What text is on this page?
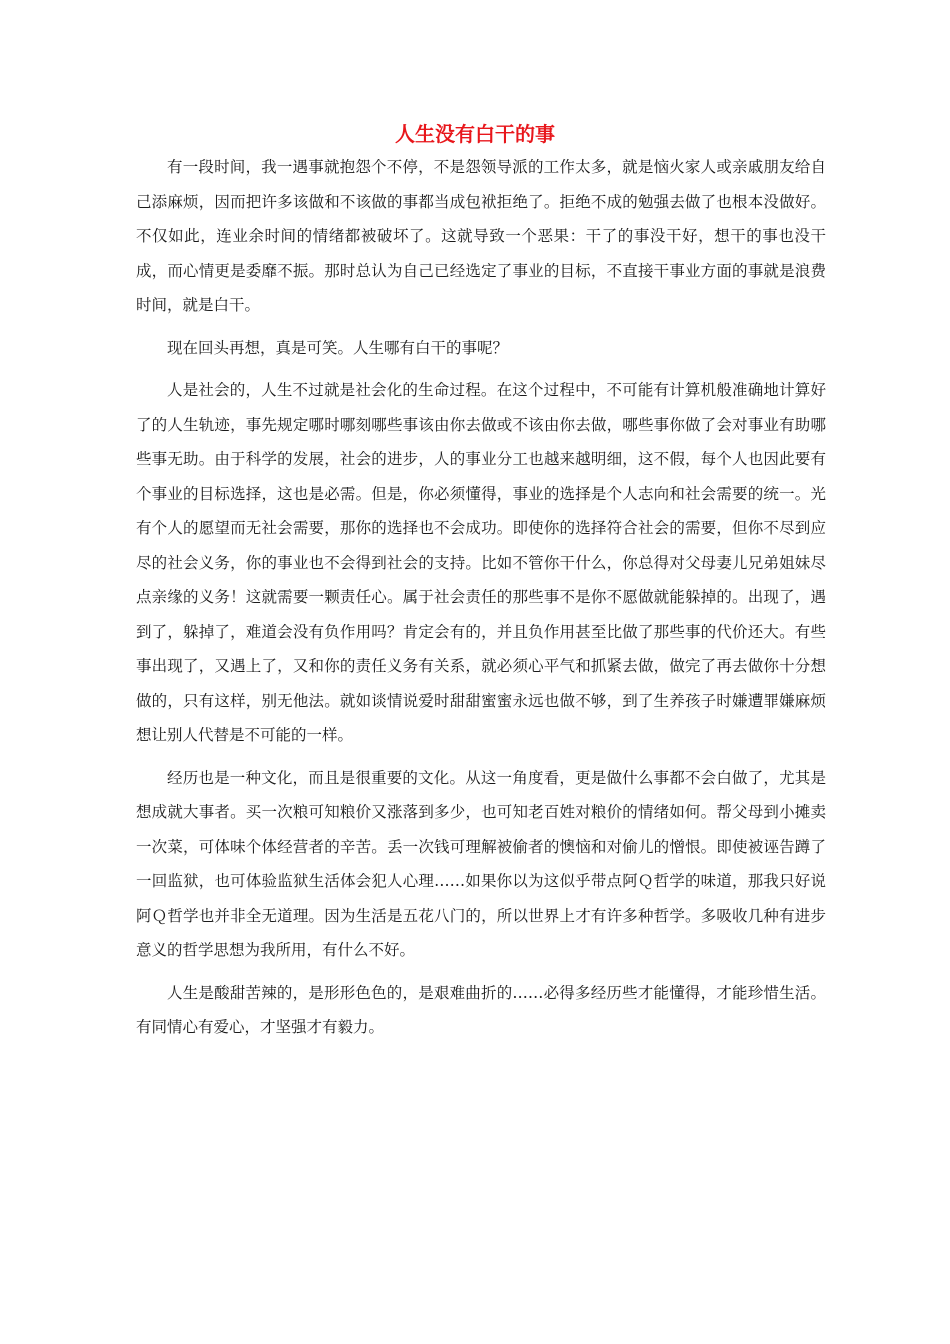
人生没有白干的事

有一段时间，我一遇事就抱怨个不停，不是怨领导派的工作太多，就是恼火家人或亲戚朋友给自己添麻烦，因而把许多该做和不该做的事都当成包袱拒绝了。拒绝不成的勉强去做了也根本没做好。不仅如此，连业余时间的情绪都被破坏了。这就导致一个恶果：干了的事没干好，想干的事也没干成，而心情更是委靡不振。那时总认为自己已经选定了事业的目标，不直接干事业方面的事就是浪费时间，就是白干。

现在回头再想，真是可笑。人生哪有白干的事呢？

人是社会的，人生不过就是社会化的生命过程。在这个过程中，不可能有计算机般准确地计算好了的人生轨迹，事先规定哪时哪刻哪些事该由你去做或不该由你去做，哪些事你做了会对事业有助哪些事无助。由于科学的发展，社会的进步，人的事业分工也越来越明细，这不假，每个人也因此要有个事业的目标选择，这也是必需。但是，你必须懂得，事业的选择是个人志向和社会需要的统一。光有个人的愿望而无社会需要，那你的选择也不会成功。即使你的选择符合社会的需要，但你不尽到应尽的社会义务，你的事业也不会得到社会的支持。比如不管你干什么，你总得对父母妻儿兄弟姐妹尽点亲缘的义务！这就需要一颗责任心。属于社会责任的那些事不是你不愿做就能躲掉的。出现了，遇到了，躲掉了，难道会没有负作用吗？肯定会有的，并且负作用甚至比做了那些事的代价还大。有些事出现了，又遇上了，又和你的责任义务有关系，就必须心平气和抓紧去做，做完了再去做你十分想做的，只有这样，别无他法。就如谈情说爱时甜甜蜜蜜永远也做不够，到了生养孩子时嫌遭罪嫌麻烦想让别人代替是不可能的一样。

经历也是一种文化，而且是很重要的文化。从这一角度看，更是做什么事都不会白做了，尤其是想成就大事者。买一次粮可知粮价又涨落到多少，也可知老百姓对粮价的情绪如何。帮父母到小摊卖一次菜，可体味个体经营者的辛苦。丢一次钱可理解被偷者的懊恼和对偷儿的憎恨。即使被诬告蹲了一回监狱，也可体验监狱生活体会犯人心理……如果你以为这似乎带点阿Ｑ哲学的味道，那我只好说阿Ｑ哲学也并非全无道理。因为生活是五花八门的，所以世界上才有许多种哲学。多吸收几种有进步意义的哲学思想为我所用，有什么不好。

人生是酸甜苦辣的，是形形色色的，是艰难曲折的……必得多经历些才能懂得，才能珍惜生活。有同情心有爱心，才坚强才有毅力。
